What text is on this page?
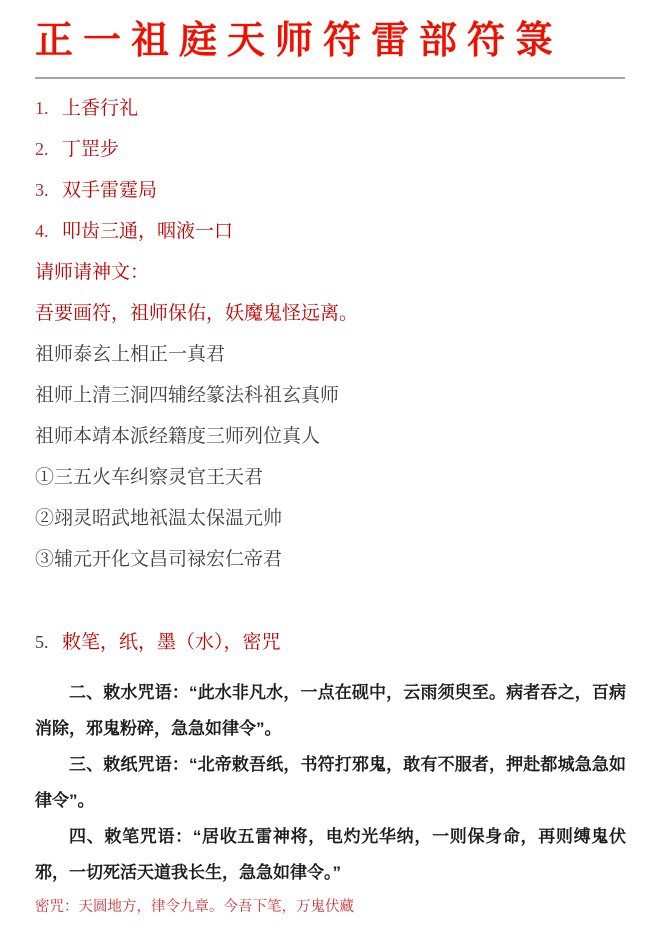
正一祖庭天师符雷部符箓
1. 上香行礼
2. 丁罡步
3. 双手雷霆局
4. 叩齿三通，咽液一口
请师请神文：
吾要画符，祖师保佑，妖魔鬼怪远离。
祖师泰玄上相正一真君
祖师上清三洞四辅经篆法科祖玄真师
祖师本靖本派经籍度三师列位真人
①三五火车纠察灵官王天君
②翊灵昭武地祇温太保温元帅
③辅元开化文昌司禄宏仁帝君
5. 敕笔，纸，墨（水），密咒

二、敕水咒语：“此水非凡水，一点在砚中，云雨须臾至。病者吞之，百病消除，邪鬼粉碎，急急如律令”。

三、敕纸咒语：“北帝敕吾纸，书符打邪鬼，敢有不服者，押赴都城急急如律令”。

四、敕笔咒语：“居收五雷神将，电灼光华纳，一则保身命，再则缚鬼伏邪，一切死活天道我长生，急急如律令。”

密咒：天圆地方，律令九章。今吾下笔，万鬼伏藏
